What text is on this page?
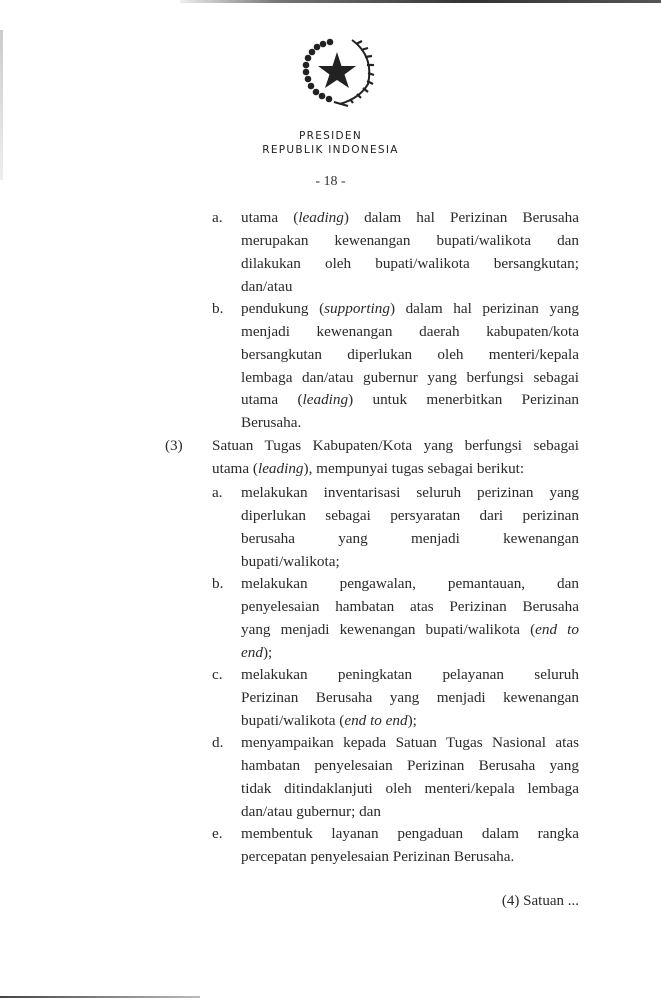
PRESIDEN
REPUBLIK INDONESIA
- 18 -
a. utama (leading) dalam hal Perizinan Berusaha
merupakan kewenangan bupati/walikota dan
dilakukan oleh bupati/walikota bersangkutan;
dan/atau
b. pendukung (supporting) dalam hal perizinan yang
menjadi kewenangan daerah kabupaten/kota
bersangkutan diperlukan oleh menteri/kepala
lembaga dan/atau gubernur yang berfungsi sebagai
utama (leading) untuk menerbitkan Perizinan
Berusaha.
(3) Satuan Tugas Kabupaten/Kota yang berfungsi sebagai
utama (leading), mempunyai tugas sebagai berikut:
a. melakukan inventarisasi seluruh perizinan yang
diperlukan sebagai persyaratan dari perizinan
berusaha yang menjadi kewenangan
bupati/walikota;
b. melakukan pengawalan, pemantauan, dan
penyelesaian hambatan atas Perizinan Berusaha
yang menjadi kewenangan bupati/walikota (end to
end);
c. melakukan peningkatan pelayanan seluruh
Perizinan Berusaha yang menjadi kewenangan
bupati/walikota (end to end);
d. menyampaikan kepada Satuan Tugas Nasional atas
hambatan penyelesaian Perizinan Berusaha yang
tidak ditindaklanjuti oleh menteri/kepala lembaga
dan/atau gubernur; dan
e. membentuk layanan pengaduan dalam rangka
percepatan penyelesaian Perizinan Berusaha.
(4) Satuan ...
